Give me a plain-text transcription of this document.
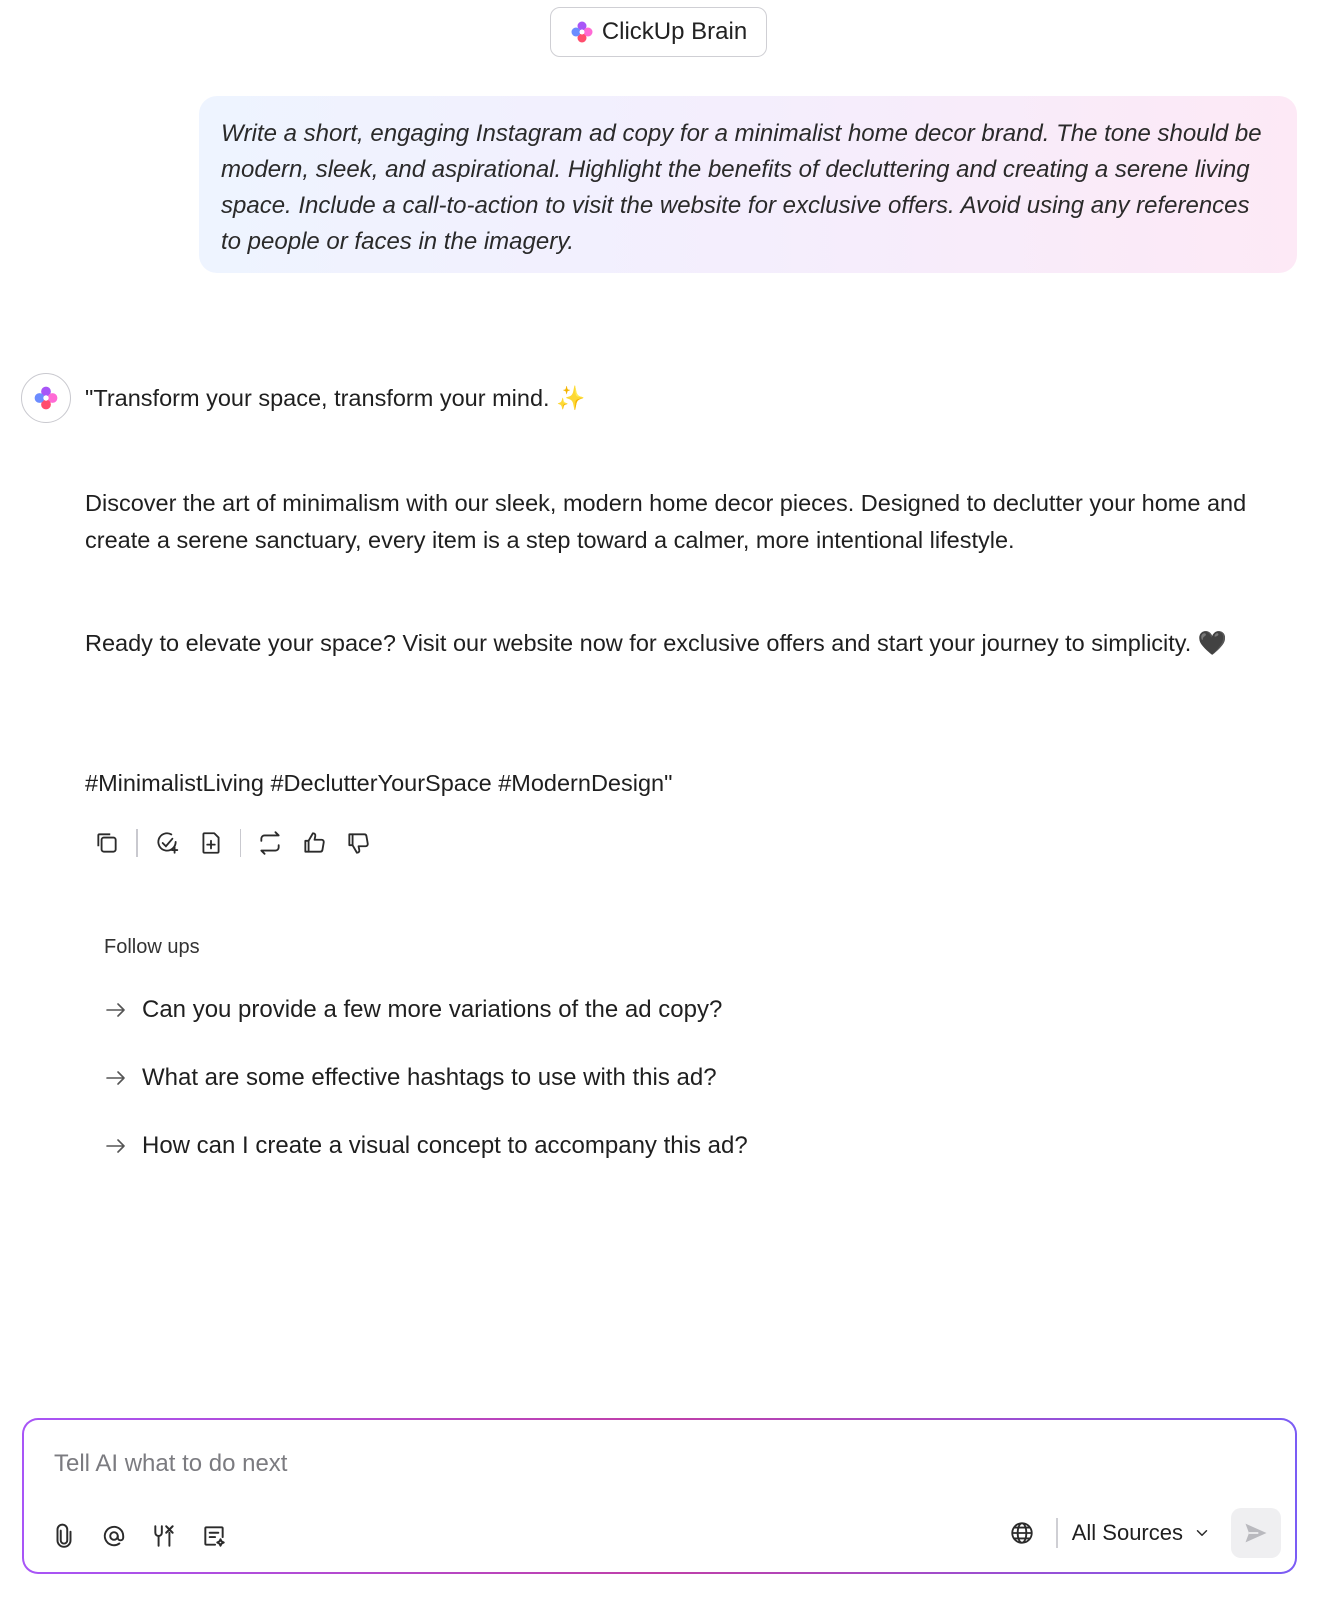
ClickUp Brain
Write a short, engaging Instagram ad copy for a minimalist home decor brand. The tone should be modern, sleek, and aspirational. Highlight the benefits of decluttering and creating a serene living space. Include a call-to-action to visit the website for exclusive offers. Avoid using any references to people or faces in the imagery.
"Transform your space, transform your mind. ✨
Discover the art of minimalism with our sleek, modern home decor pieces. Designed to declutter your home and create a serene sanctuary, every item is a step toward a calmer, more intentional lifestyle.
Ready to elevate your space? Visit our website now for exclusive offers and start your journey to simplicity. 🖤
#MinimalistLiving #DeclutterYourSpace #ModernDesign"
Follow ups
Can you provide a few more variations of the ad copy?
What are some effective hashtags to use with this ad?
How can I create a visual concept to accompany this ad?
Tell AI what to do next
All Sources
